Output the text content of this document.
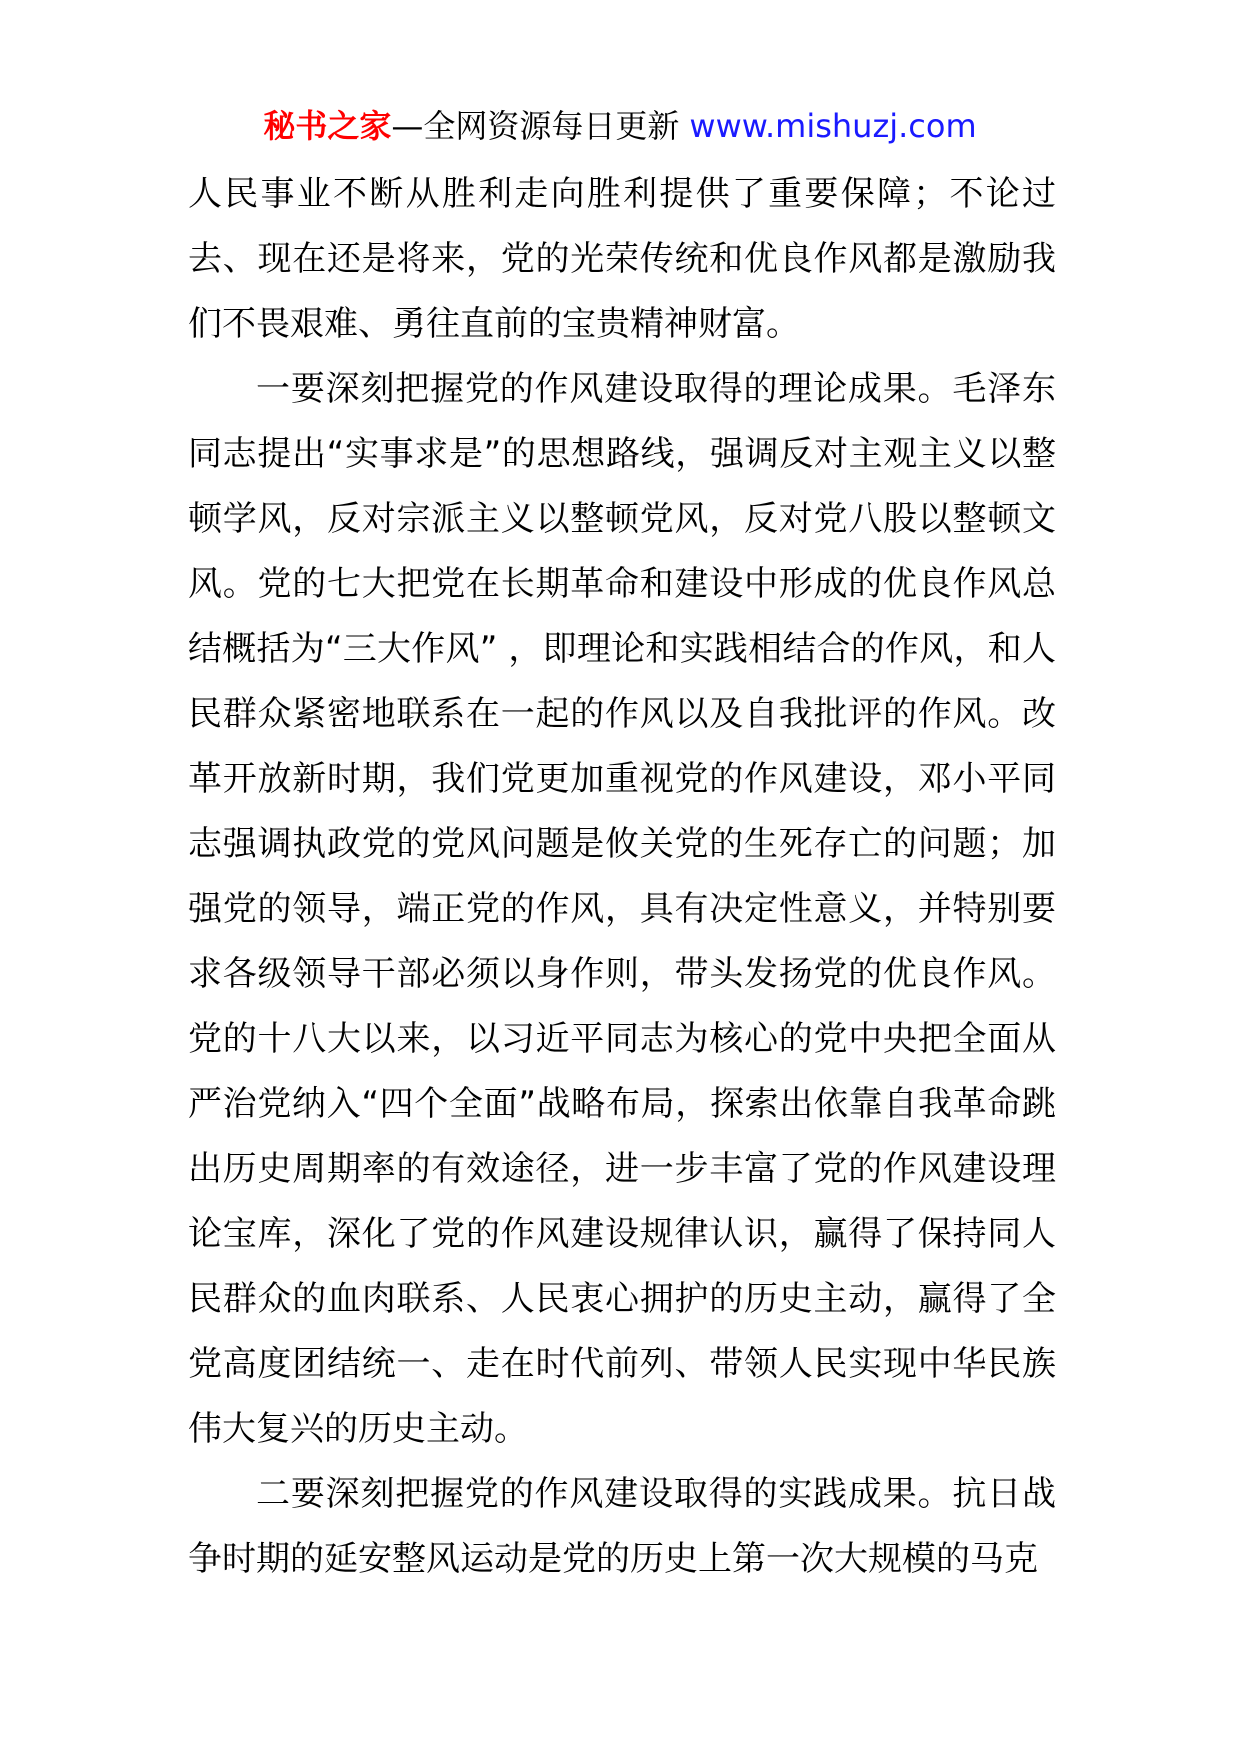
秘书之家—全网资源每日更新 www.mishuzj.com

人民事业不断从胜利走向胜利提供了重要保障；不论过去、现在还是将来，党的光荣传统和优良作风都是激励我们不畏艰难、勇往直前的宝贵精神财富。

一要深刻把握党的作风建设取得的理论成果。毛泽东同志提出“实事求是”的思想路线，强调反对主观主义以整顿学风，反对宗派主义以整顿党风，反对党八股以整顿文风。党的七大把党在长期革命和建设中形成的优良作风总结概括为“三大作风” ，即理论和实践相结合的作风，和人民群众紧密地联系在一起的作风以及自我批评的作风。改革开放新时期，我们党更加重视党的作风建设，邓小平同志强调执政党的党风问题是攸关党的生死存亡的问题；加强党的领导，端正党的作风，具有决定性意义，并特别要求各级领导干部必须以身作则，带头发扬党的优良作风。党的十八大以来，以习近平同志为核心的党中央把全面从严治党纳入“四个全面”战略布局，探索出依靠自我革命跳出历史周期率的有效途径，进一步丰富了党的作风建设理论宝库，深化了党的作风建设规律认识，赢得了保持同人民群众的血肉联系、人民衷心拥护的历史主动，赢得了全党高度团结统一、走在时代前列、带领人民实现中华民族伟大复兴的历史主动。

二要深刻把握党的作风建设取得的实践成果。抗日战争时期的延安整风运动是党的历史上第一次大规模的马克
